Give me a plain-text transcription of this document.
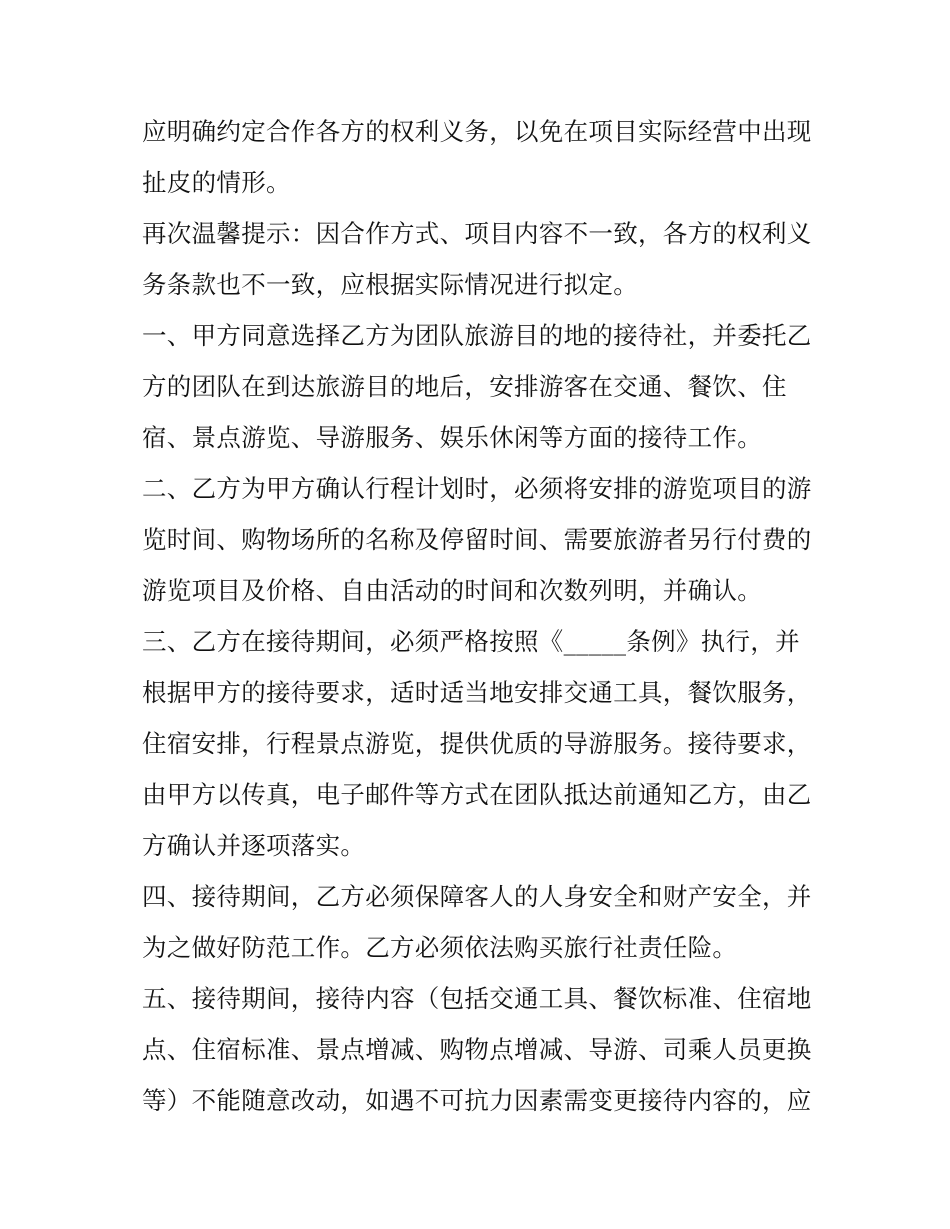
应明确约定合作各方的权利义务，以免在项目实际经营中出现
扯皮的情形。
再次温馨提示：因合作方式、项目内容不一致，各方的权利义
务条款也不一致，应根据实际情况进行拟定。
一、甲方同意选择乙方为团队旅游目的地的接待社，并委托乙
方的团队在到达旅游目的地后，安排游客在交通、餐饮、住
宿、景点游览、导游服务、娱乐休闲等方面的接待工作。
二、乙方为甲方确认行程计划时，必须将安排的游览项目的游
览时间、购物场所的名称及停留时间、需要旅游者另行付费的
游览项目及价格、自由活动的时间和次数列明，并确认。
三、乙方在接待期间，必须严格按照《_____条例》执行，并
根据甲方的接待要求，适时适当地安排交通工具，餐饮服务，
住宿安排，行程景点游览，提供优质的导游服务。接待要求，
由甲方以传真，电子邮件等方式在团队抵达前通知乙方，由乙
方确认并逐项落实。
四、接待期间，乙方必须保障客人的人身安全和财产安全，并
为之做好防范工作。乙方必须依法购买旅行社责任险。
五、接待期间，接待内容（包括交通工具、餐饮标准、住宿地
点、住宿标准、景点增减、购物点增减、导游、司乘人员更换
等）不能随意改动，如遇不可抗力因素需变更接待内容的，应
